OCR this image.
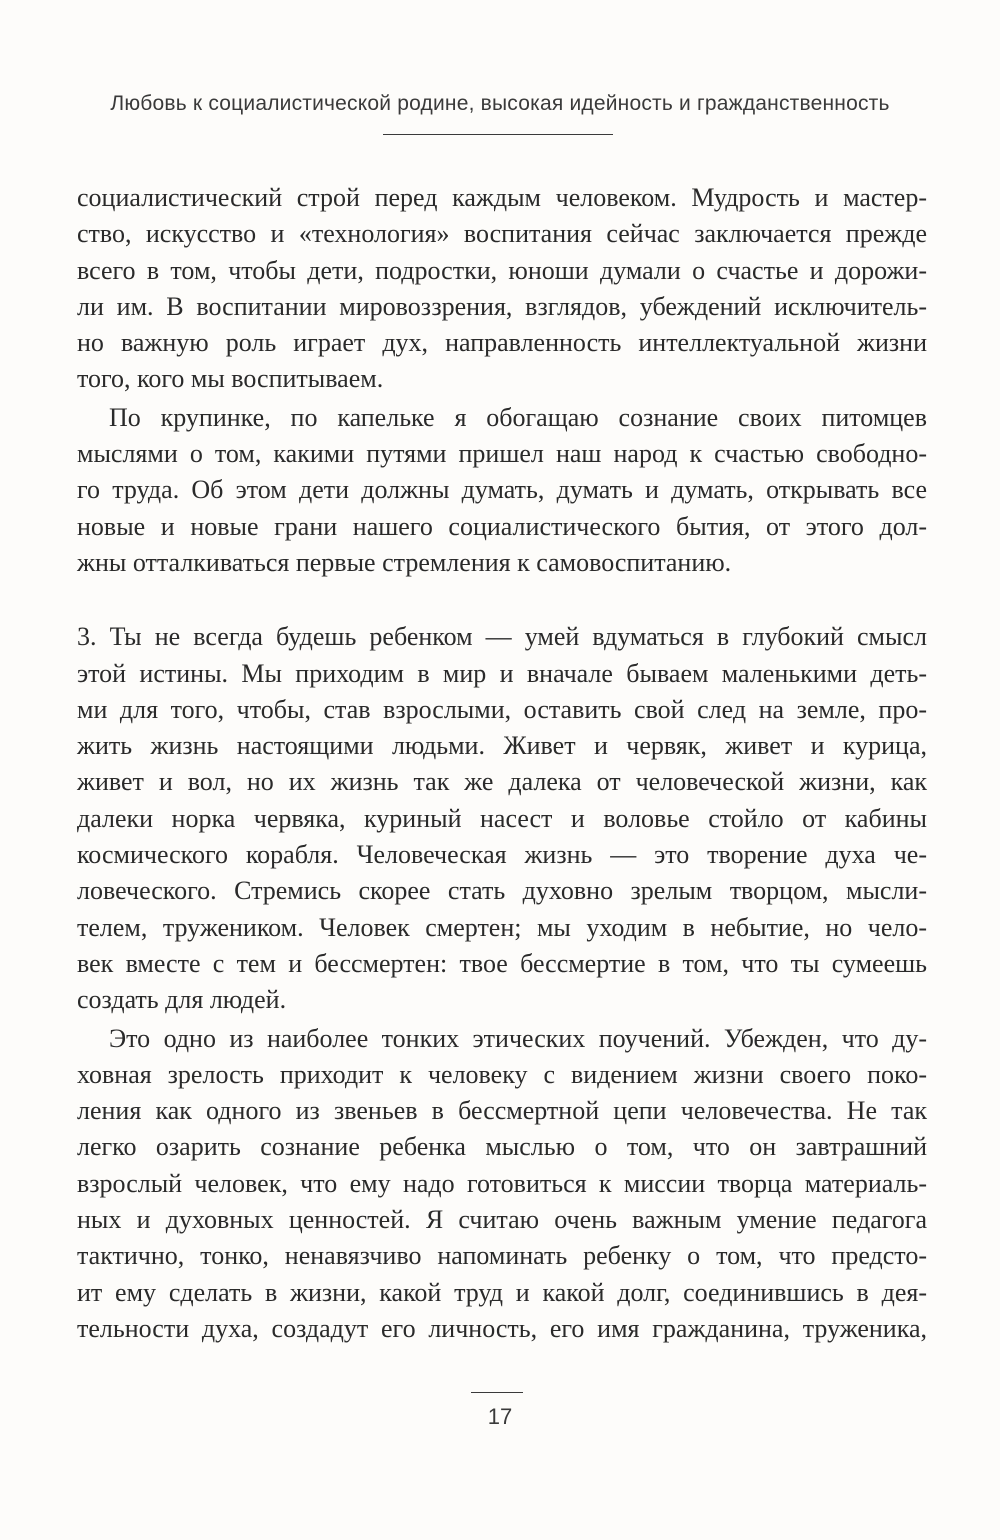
Любовь к социалистической родине, высокая идейность и гражданственность
социалистический строй перед каждым человеком. Мудрость и мастер-
ство, искусство и «технология» воспитания сейчас заключается прежде
всего в том, чтобы дети, подростки, юноши думали о счастье и дорожи-
ли им. В воспитании мировоззрения, взглядов, убеждений исключитель-
но важную роль играет дух, направленность интеллектуальной жизни
того, кого мы воспитываем.
По крупинке, по капельке я обогащаю сознание своих питомцев
мыслями о том, какими путями пришел наш народ к счастью свободно-
го труда. Об этом дети должны думать, думать и думать, открывать все
новые и новые грани нашего социалистического бытия, от этого дол-
жны отталкиваться первые стремления к самовоспитанию.
3. Ты не всегда будешь ребенком — умей вдуматься в глубокий смысл
этой истины. Мы приходим в мир и вначале бываем маленькими деть-
ми для того, чтобы, став взрослыми, оставить свой след на земле, про-
жить жизнь настоящими людьми. Живет и червяк, живет и курица,
живет и вол, но их жизнь так же далека от человеческой жизни, как
далеки норка червяка, куриный насест и воловье стойло от кабины
космического корабля. Человеческая жизнь — это творение духа че-
ловеческого. Стремись скорее стать духовно зрелым творцом, мысли-
телем, тружеником. Человек смертен; мы уходим в небытие, но чело-
век вместе с тем и бессмертен: твое бессмертие в том, что ты сумеешь
создать для людей.
Это одно из наиболее тонких этических поучений. Убежден, что ду-
ховная зрелость приходит к человеку с видением жизни своего поко-
ления как одного из звеньев в бессмертной цепи человечества. Не так
легко озарить сознание ребенка мыслью о том, что он завтрашний
взрослый человек, что ему надо готовиться к миссии творца материаль-
ных и духовных ценностей. Я считаю очень важным умение педагога
тактично, тонко, ненавязчиво напоминать ребенку о том, что предсто-
ит ему сделать в жизни, какой труд и какой долг, соединившись в дея-
тельности духа, создадут его личность, его имя гражданина, труженика,
17
